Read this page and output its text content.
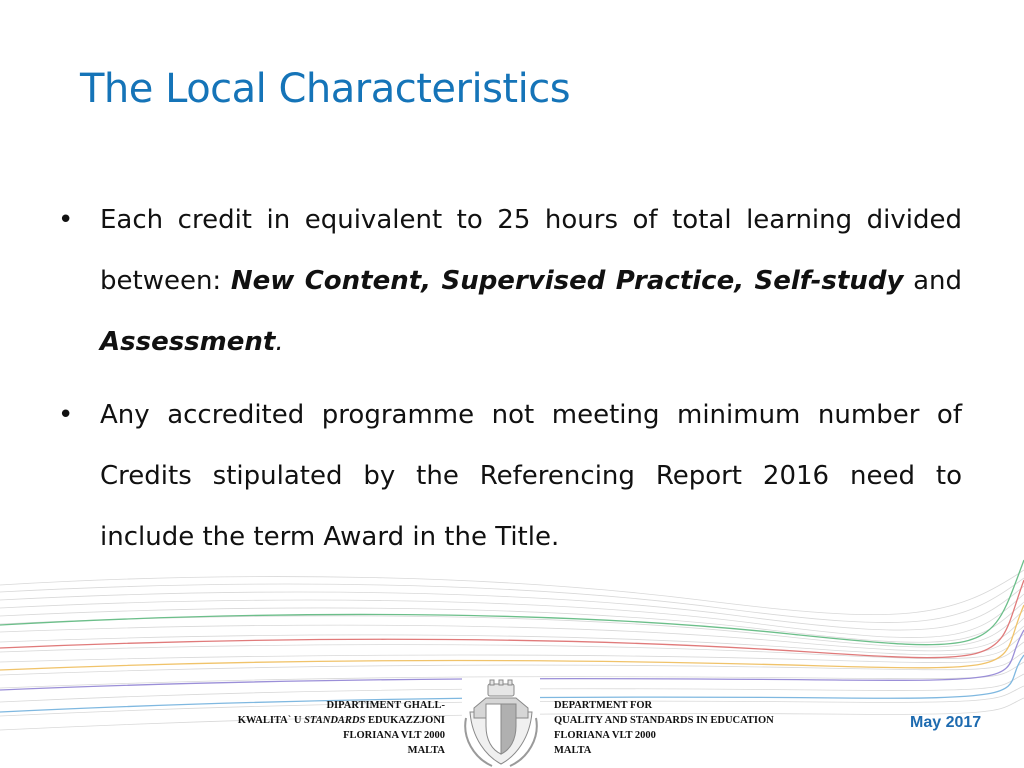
The Local Characteristics
• Each credit in equivalent to 25 hours of total learning divided between: New Content, Supervised Practice, Self-study and Assessment.
• Any accredited programme not meeting minimum number of Credits stipulated by the Referencing Report 2016 need to include the term Award in the Title.
DIPARTIMENT GHALL-
KWALITA` U STANDARDS EDUKAZZJONI
FLORIANA VLT 2000
MALTA
DEPARTMENT FOR
QUALITY AND STANDARDS IN EDUCATION
FLORIANA VLT 2000
MALTA
May 2017
